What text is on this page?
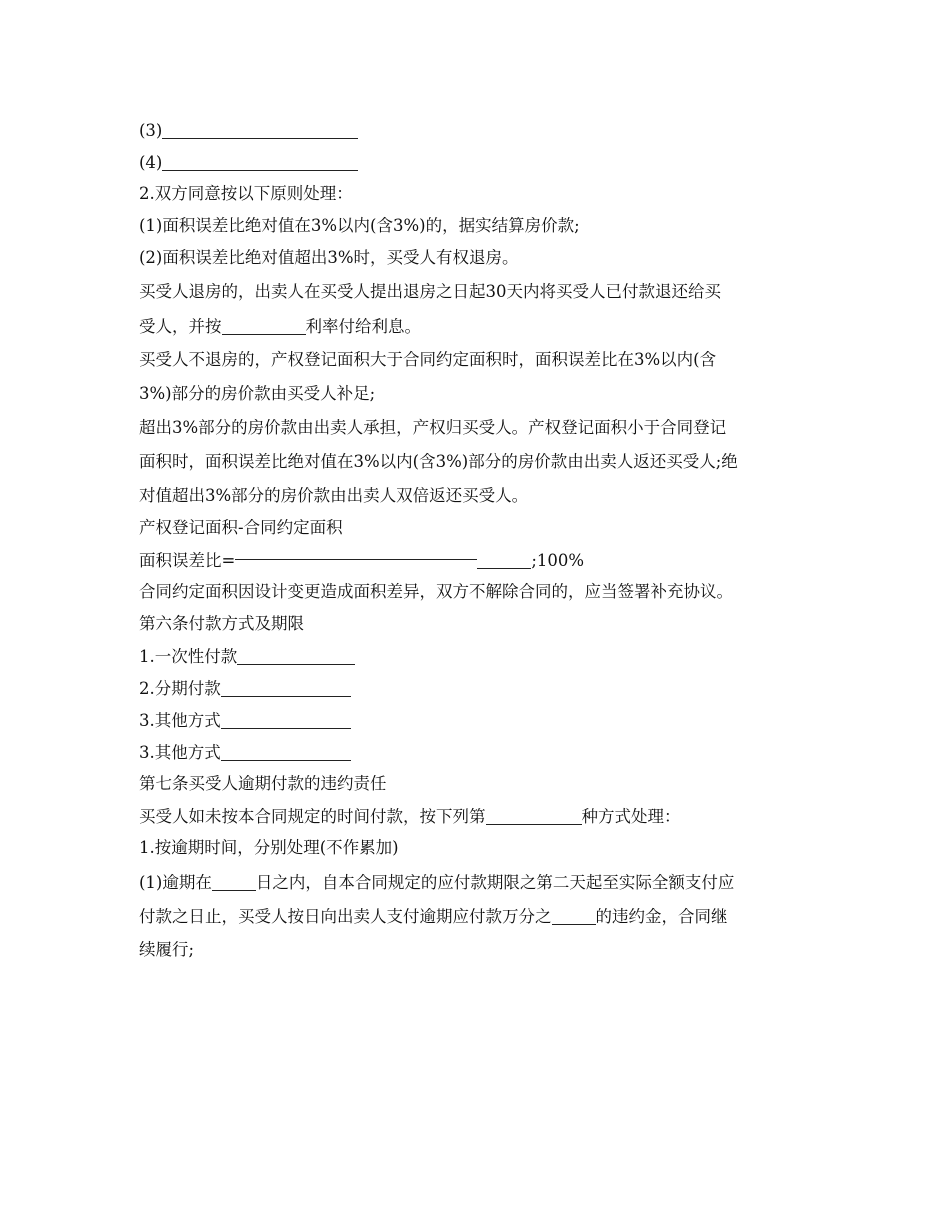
(3)
(4)
2.双方同意按以下原则处理：
(1)面积误差比绝对值在3%以内(含3%)的，据实结算房价款;
(2)面积误差比绝对值超出3%时，买受人有权退房。
买受人退房的，出卖人在买受人提出退房之日起30天内将买受人已付款退还给买
受人，并按	利率付给利息。
买受人不退房的，产权登记面积大于合同约定面积时，面积误差比在3%以内(含
3%)部分的房价款由买受人补足;
超出3%部分的房价款由出卖人承担，产权归买受人。产权登记面积小于合同登记
面积时，面积误差比绝对值在3%以内(含3%)部分的房价款由出卖人返还买受人;绝
对值超出3%部分的房价款由出卖人双倍返还买受人。
产权登记面积-合同约定面积
面积误差比=	;100%
合同约定面积因设计变更造成面积差异，双方不解除合同的，应当签署补充协议。
第六条付款方式及期限
1.一次性付款
2.分期付款
3.其他方式
3.其他方式
第七条买受人逾期付款的违约责任
买受人如未按本合同规定的时间付款，按下列第	种方式处理：
1.按逾期时间，分别处理(不作累加)
(1)逾期在	日之内，自本合同规定的应付款期限之第二天起至实际全额支付应
付款之日止，买受人按日向出卖人支付逾期应付款万分之	的违约金，合同继
续履行;
